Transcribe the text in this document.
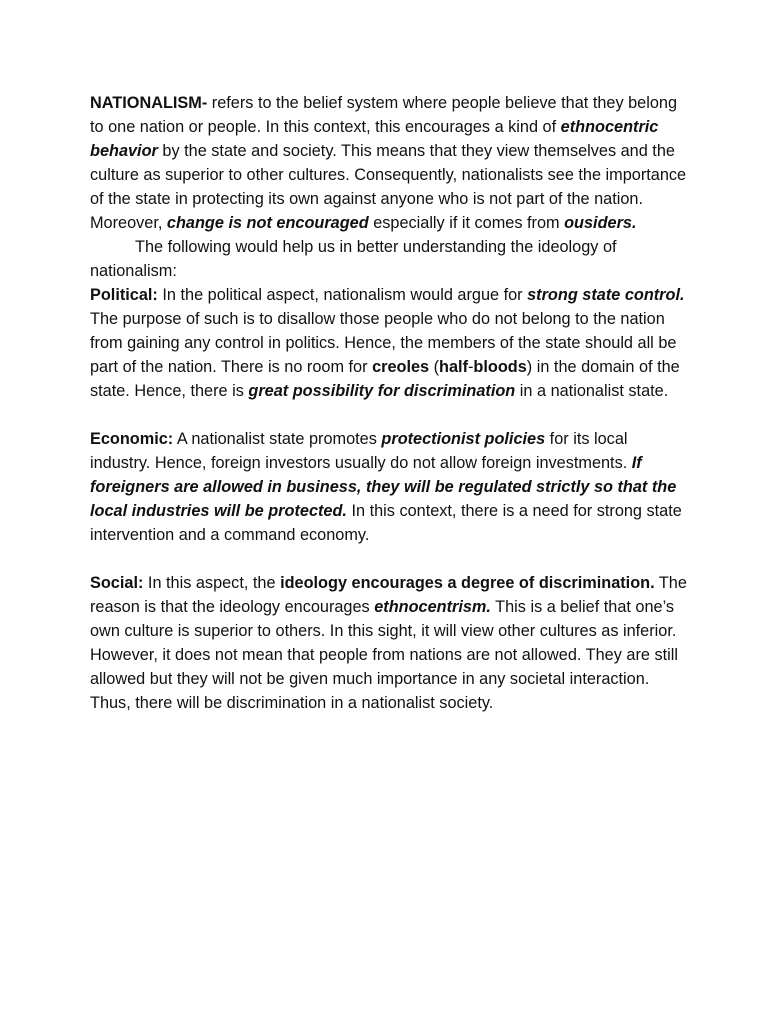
NATIONALISM- refers to the belief system where people believe that they belong to one nation or people. In this context, this encourages a kind of ethnocentric behavior by the state and society. This means that they view themselves and the culture as superior to other cultures. Consequently, nationalists see the importance of the state in protecting its own against anyone who is not part of the nation. Moreover, change is not encouraged especially if it comes from ousiders.

The following would help us in better understanding the ideology of nationalism:

Political: In the political aspect, nationalism would argue for strong state control. The purpose of such is to disallow those people who do not belong to the nation from gaining any control in politics. Hence, the members of the state should all be part of the nation. There is no room for creoles (half-bloods) in the domain of the state. Hence, there is great possibility for discrimination in a nationalist state.

Economic: A nationalist state promotes protectionist policies for its local industry. Hence, foreign investors usually do not allow foreign investments. If foreigners are allowed in business, they will be regulated strictly so that the local industries will be protected. In this context, there is a need for strong state intervention and a command economy.

Social: In this aspect, the ideology encourages a degree of discrimination. The reason is that the ideology encourages ethnocentrism. This is a belief that one’s own culture is superior to others. In this sight, it will view other cultures as inferior. However, it does not mean that people from nations are not allowed. They are still allowed but they will not be given much importance in any societal interaction. Thus, there will be discrimination in a nationalist society.
